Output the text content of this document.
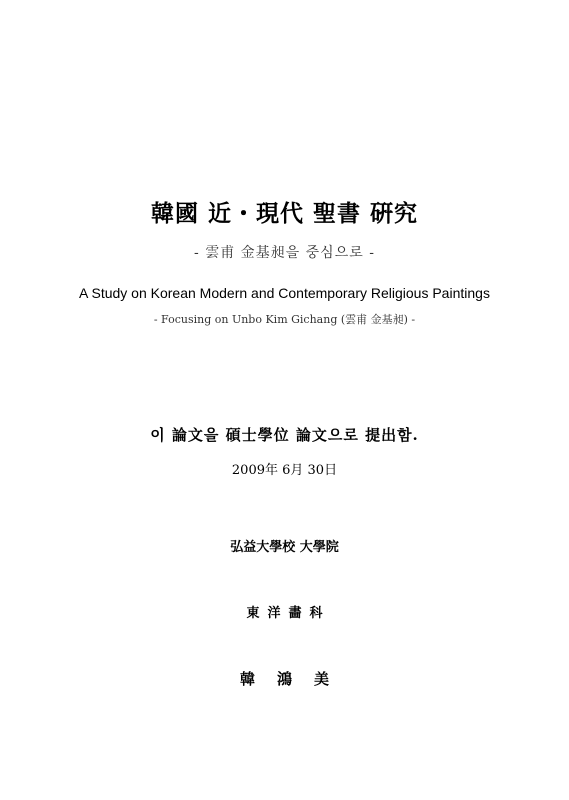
韓國 近・現代 聖書 硏究
- 雲甫 金基昶을 중심으로 -
A Study on Korean Modern and Contemporary Religious Paintings
- Focusing on Unbo Kim Gichang (雲甫 金基昶) -
이 論文을 碩士學位 論文으로 提出함.
2009年 6月 30日
弘益大學校 大學院
東洋畵科
韓鴻美
